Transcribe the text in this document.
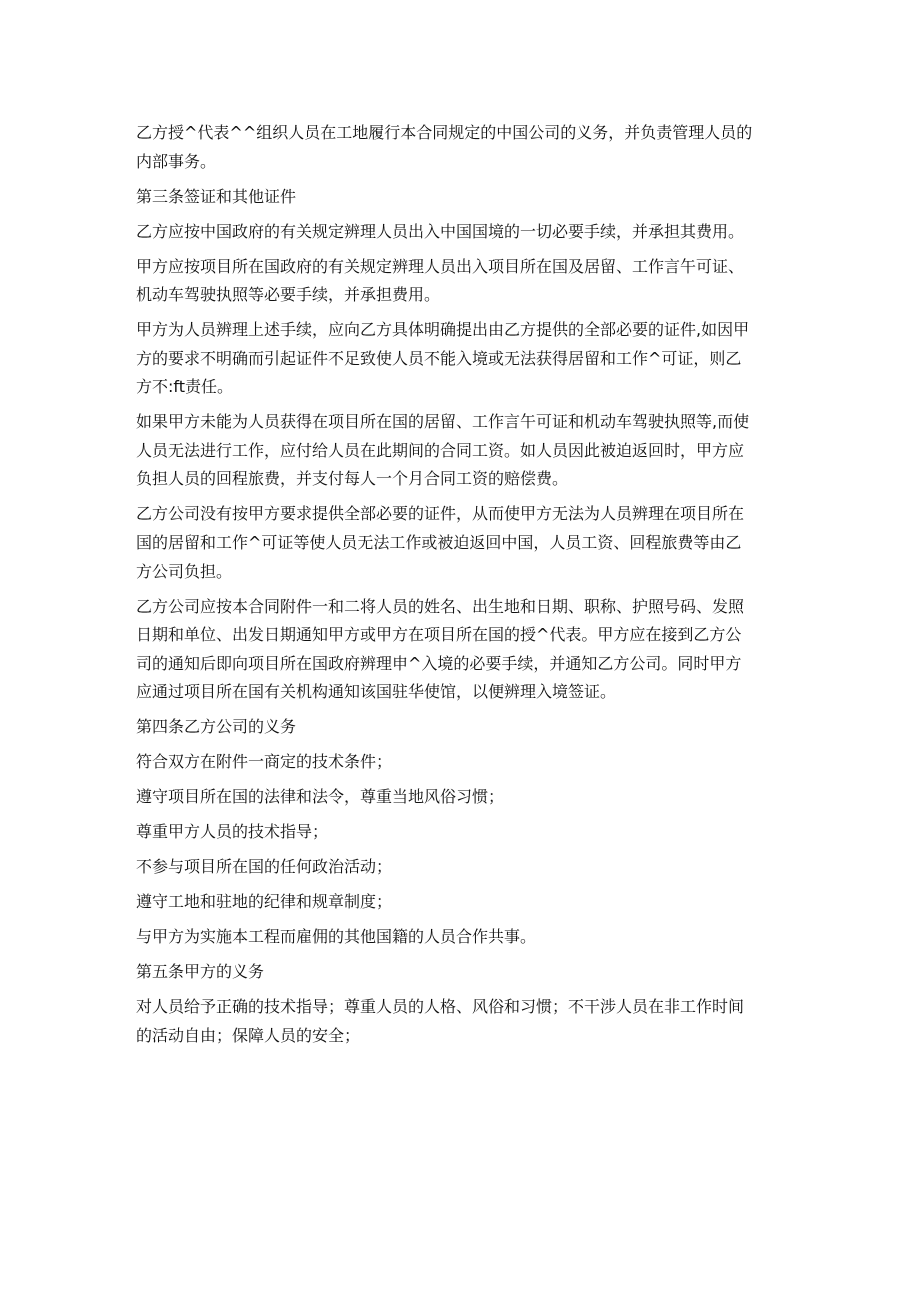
乙方授^代表^^组织人员在工地履行本合同规定的中国公司的义务，并负责管理人员的
内部事务。

第三条签证和其他证件

乙方应按中国政府的有关规定辨理人员出入中国国境的一切必要手续，并承担其费用。

甲方应按项目所在国政府的有关规定辨理人员出入项目所在国及居留、工作言午可证、
机动车驾驶执照等必要手续，并承担费用。

甲方为人员辨理上述手续，应向乙方具体明确提出由乙方提供的全部必要的证件,如因甲
方的要求不明确而引起证件不足致使人员不能入境或无法获得居留和工作^可证，则乙
方不:ft责任。

如果甲方未能为人员获得在项目所在国的居留、工作言午可证和机动车驾驶执照等,而使
人员无法进行工作，应付给人员在此期间的合同工资。如人员因此被迫返回时，甲方应
负担人员的回程旅费，并支付每人一个月合同工资的赔偿费。

乙方公司没有按甲方要求提供全部必要的证件，从而使甲方无法为人员辨理在项目所在
国的居留和工作^可证等使人员无法工作或被迫返回中国，人员工资、回程旅费等由乙
方公司负担。

乙方公司应按本合同附件一和二将人员的姓名、出生地和日期、职称、护照号码、发照
日期和单位、出发日期通知甲方或甲方在项目所在国的授^代表。甲方应在接到乙方公
司的通知后即向项目所在国政府辨理申^入境的必要手续，并通知乙方公司。同时甲方
应通过项目所在国有关机构通知该国驻华使馆，以便辨理入境签证。

第四条乙方公司的义务

符合双方在附件一商定的技术条件；

遵守项目所在国的法律和法令，尊重当地风俗习惯；

尊重甲方人员的技术指导；

不参与项目所在国的任何政治活动；

遵守工地和驻地的纪律和规章制度；

与甲方为实施本工程而雇佣的其他国籍的人员合作共事。

第五条甲方的义务

对人员给予正确的技术指导；尊重人员的人格、风俗和习惯；不干涉人员在非工作时间
的活动自由；保障人员的安全；
